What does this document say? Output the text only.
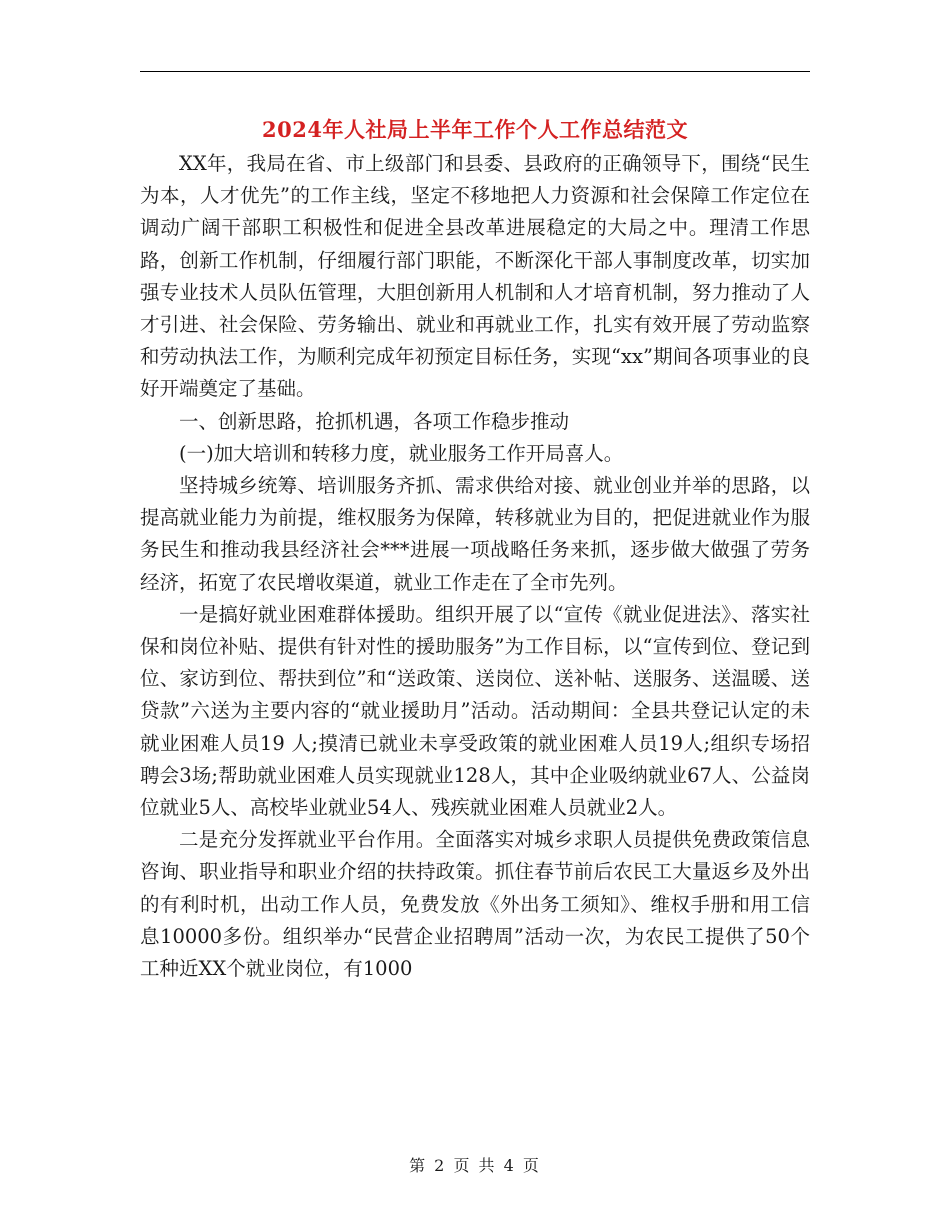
2024年人社局上半年工作个人工作总结范文

XX年，我局在省、市上级部门和县委、县政府的正确领导下，围绕“民生为本，人才优先”的工作主线，坚定不移地把人力资源和社会保障工作定位在调动广阔干部职工积极性和促进全县改革进展稳定的大局之中。理清工作思路，创新工作机制，仔细履行部门职能，不断深化干部人事制度改革，切实加强专业技术人员队伍管理，大胆创新用人机制和人才培育机制，努力推动了人才引进、社会保险、劳务输出、就业和再就业工作，扎实有效开展了劳动监察和劳动执法工作，为顺利完成年初预定目标任务，实现“xx”期间各项事业的良好开端奠定了基础。

一、创新思路，抢抓机遇，各项工作稳步推动

(一)加大培训和转移力度，就业服务工作开局喜人。

坚持城乡统筹、培训服务齐抓、需求供给对接、就业创业并举的思路，以提高就业能力为前提，维权服务为保障，转移就业为目的，把促进就业作为服务民生和推动我县经济社会***进展一项战略任务来抓，逐步做大做强了劳务经济，拓宽了农民增收渠道，就业工作走在了全市先列。

一是搞好就业困难群体援助。组织开展了以“宣传《就业促进法》、落实社保和岗位补贴、提供有针对性的援助服务”为工作目标，以“宣传到位、登记到位、家访到位、帮扶到位”和“送政策、送岗位、送补帖、送服务、送温暖、送贷款”六送为主要内容的“就业援助月”活动。活动期间：全县共登记认定的未就业困难人员19 人;摸清已就业未享受政策的就业困难人员19人;组织专场招聘会3场;帮助就业困难人员实现就业128人，其中企业吸纳就业67人、公益岗位就业5人、高校毕业就业54人、残疾就业困难人员就业2人。

二是充分发挥就业平台作用。全面落实对城乡求职人员提供免费政策信息咨询、职业指导和职业介绍的扶持政策。抓住春节前后农民工大量返乡及外出的有利时机，出动工作人员，免费发放《外出务工须知》、维权手册和用工信息10000多份。组织举办“民营企业招聘周”活动一次，为农民工提供了50个工种近XX个就业岗位，有1000

第 2 页 共 4 页
